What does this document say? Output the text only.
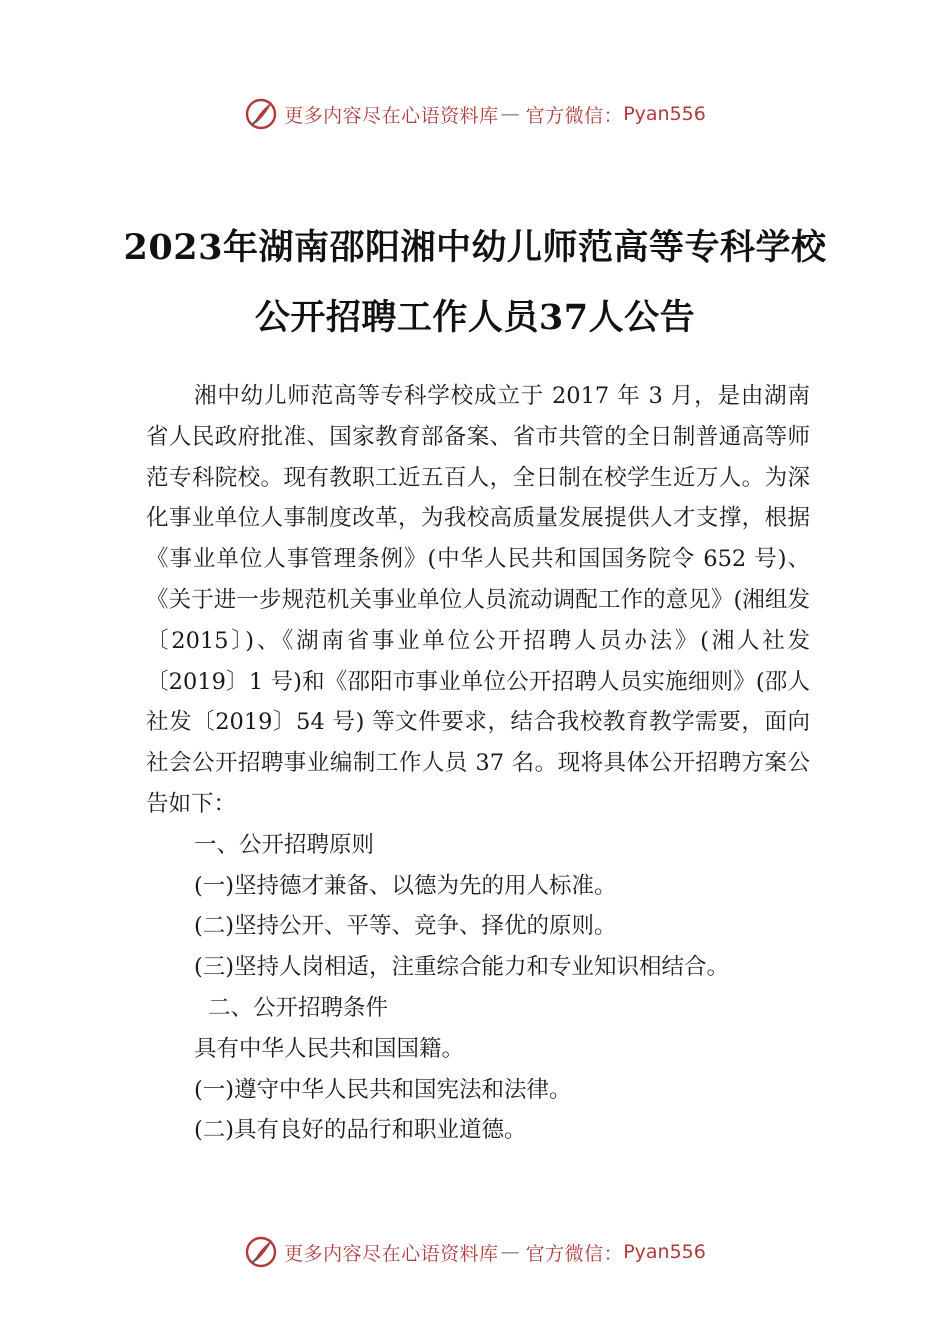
更多内容尽在心语资料库 — 官方微信： Pyan556
2023年湖南邵阳湘中幼儿师范高等专科学校公开招聘工作人员37人公告

湘中幼儿师范高等专科学校成立于 2017 年 3 月，是由湖南省人民政府批准、国家教育部备案、省市共管的全日制普通高等师范专科院校。现有教职工近五百人，全日制在校学生近万人。为深化事业单位人事制度改革，为我校高质量发展提供人才支撑，根据《事业单位人事管理条例》(中华人民共和国国务院令 652 号)、《关于进一步规范机关事业单位人员流动调配工作的意见》(湘组发〔2015〕)、《湖南省事业单位公开招聘人员办法》(湘人社发〔2019〕1 号)和《邵阳市事业单位公开招聘人员实施细则》(邵人社发〔2019〕54 号) 等文件要求，结合我校教育教学需要，面向社会公开招聘事业编制工作人员 37 名。现将具体公开招聘方案公告如下：

一、公开招聘原则

(一)坚持德才兼备、以德为先的用人标准。

(二)坚持公开、平等、竞争、择优的原则。

(三)坚持人岗相适，注重综合能力和专业知识相结合。

二、公开招聘条件

具有中华人民共和国国籍。

(一)遵守中华人民共和国宪法和法律。

(二)具有良好的品行和职业道德。

更多内容尽在心语资料库 — 官方微信： Pyan556
